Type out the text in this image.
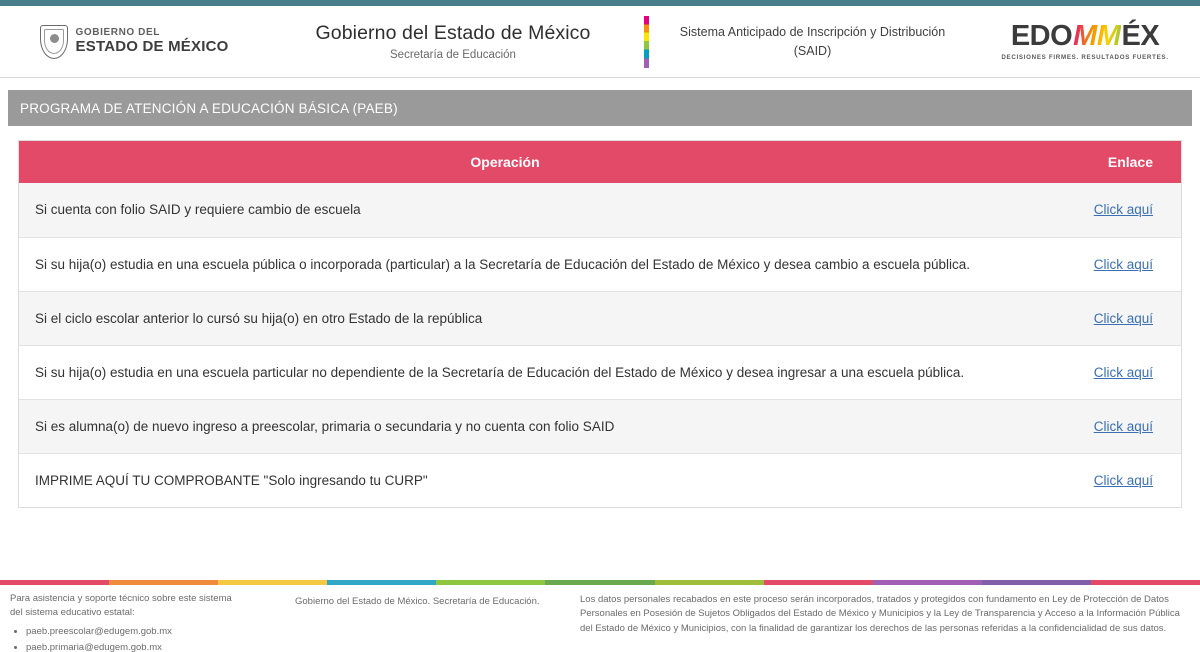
GOBIERNO DEL
ESTADO DE MÉXICO
Gobierno del Estado de México
Secretaría de Educación
Sistema Anticipado de Inscripción y Distribución
(SAID)	EDO MM ÉX
DECISIONES FIRMES. RESULTADOS FUERTES.
PROGRAMA DE ATENCIÓN A EDUCACIÓN BÁSICA (PAEB)
Operación	Enlace
Si cuenta con folio SAID y requiere cambio de escuela	Click aquí
Si su hija(o) estudia en una escuela pública o incorporada (particular) a la Secretaría de Educación del Estado de México y desea cambio a escuela pública.	Click aquí
Si el ciclo escolar anterior lo cursó su hija(o) en otro Estado de la república	Click aquí
Si su hija(o) estudia en una escuela particular no dependiente de la Secretaría de Educación del Estado de México y desea ingresar a una escuela pública.	Click aquí
Si es alumna(o) de nuevo ingreso a preescolar, primaria o secundaria y no cuenta con folio SAID	Click aquí
IMPRIME AQUÍ TU COMPROBANTE "Solo ingresando tu CURP"	Click aquí
Para asistencia y soporte técnico sobre este sistema
del sistema educativo estatal:
• paeb.preescolar@edugem.gob.mx
• paeb.primaria@edugem.gob.mx
Gobierno del Estado de México. Secretaría de Educación.	Los datos personales recabados en este proceso serán incorporados, tratados y protegidos con fundamento en Ley de Protección de Datos Personales en Posesión de Sujetos Obligados del Estado de México y Municipios y la Ley de Transparencia y Acceso a la Información Pública del Estado de México y Municipios, con la finalidad de garantizar los derechos de las personas referidas a la confidencialidad de sus datos.
